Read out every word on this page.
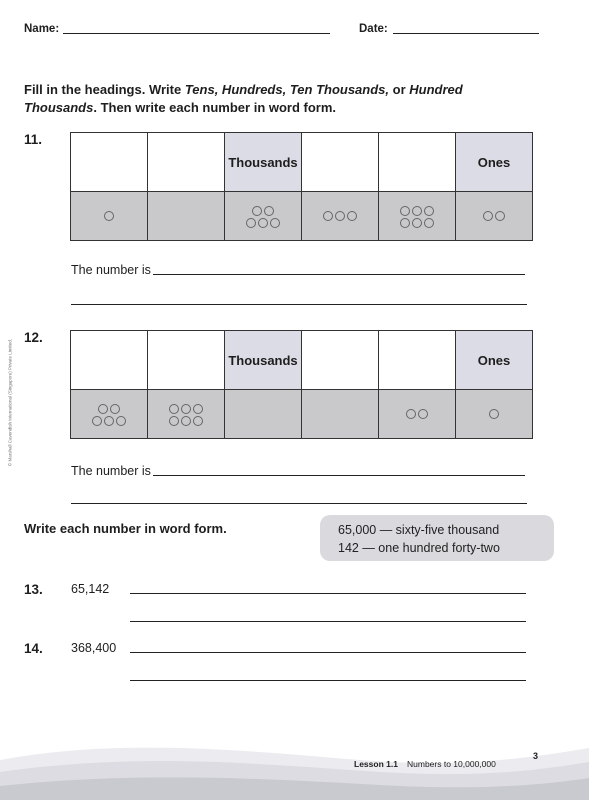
Name:	Date:
Fill in the headings. Write Tens, Hundreds, Ten Thousands, or Hundred
Thousands. Then write each number in word form.
11.
		Thousands			Ones

The number is
12.
		Thousands			Ones

The number is
Write each number in word form.	65,000 — sixty-five thousand
142 — one hundred forty-two
13. 65,142
14. 368,400
© Marshall Cavendish International (Singapore) Private Limited.
Lesson 1.1 Numbers to 10,000,000
3
